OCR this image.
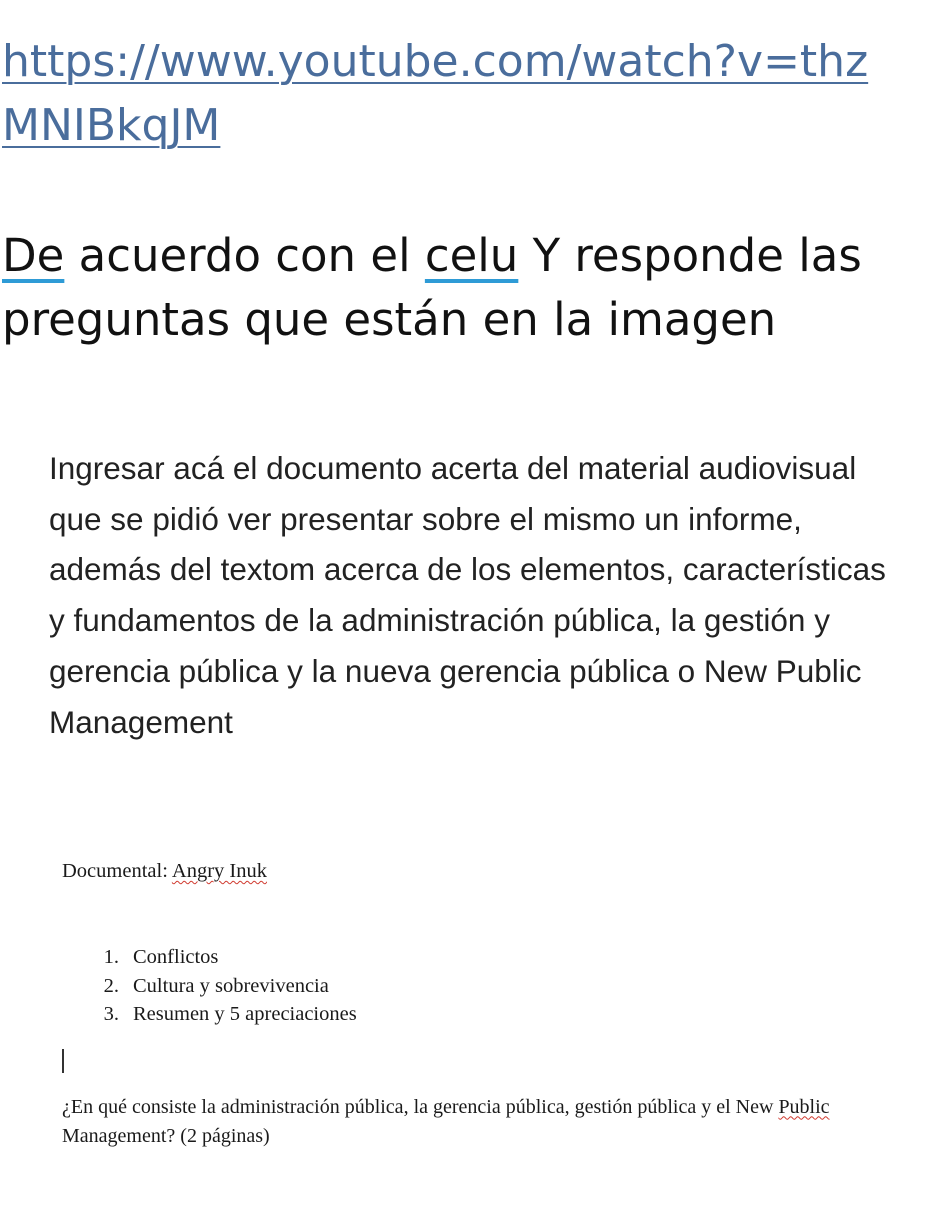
https://www.youtube.com/watch?v=thzMNIBkqJM

De acuerdo con el celu Y responde las preguntas que están en la imagen

Ingresar acá el documento acerta del material audiovisual que se pidió ver presentar sobre el mismo un informe, además del textom acerca de los elementos, características y fundamentos de la administración pública, la gestión y gerencia pública y la nueva gerencia pública o New Public Management

Documental: Angry Inuk

1. Conflictos
2. Cultura y sobrevivencia
3. Resumen y 5 apreciaciones

¿En qué consiste la administración pública, la gerencia pública, gestión pública y el New Public Management? (2 páginas)
